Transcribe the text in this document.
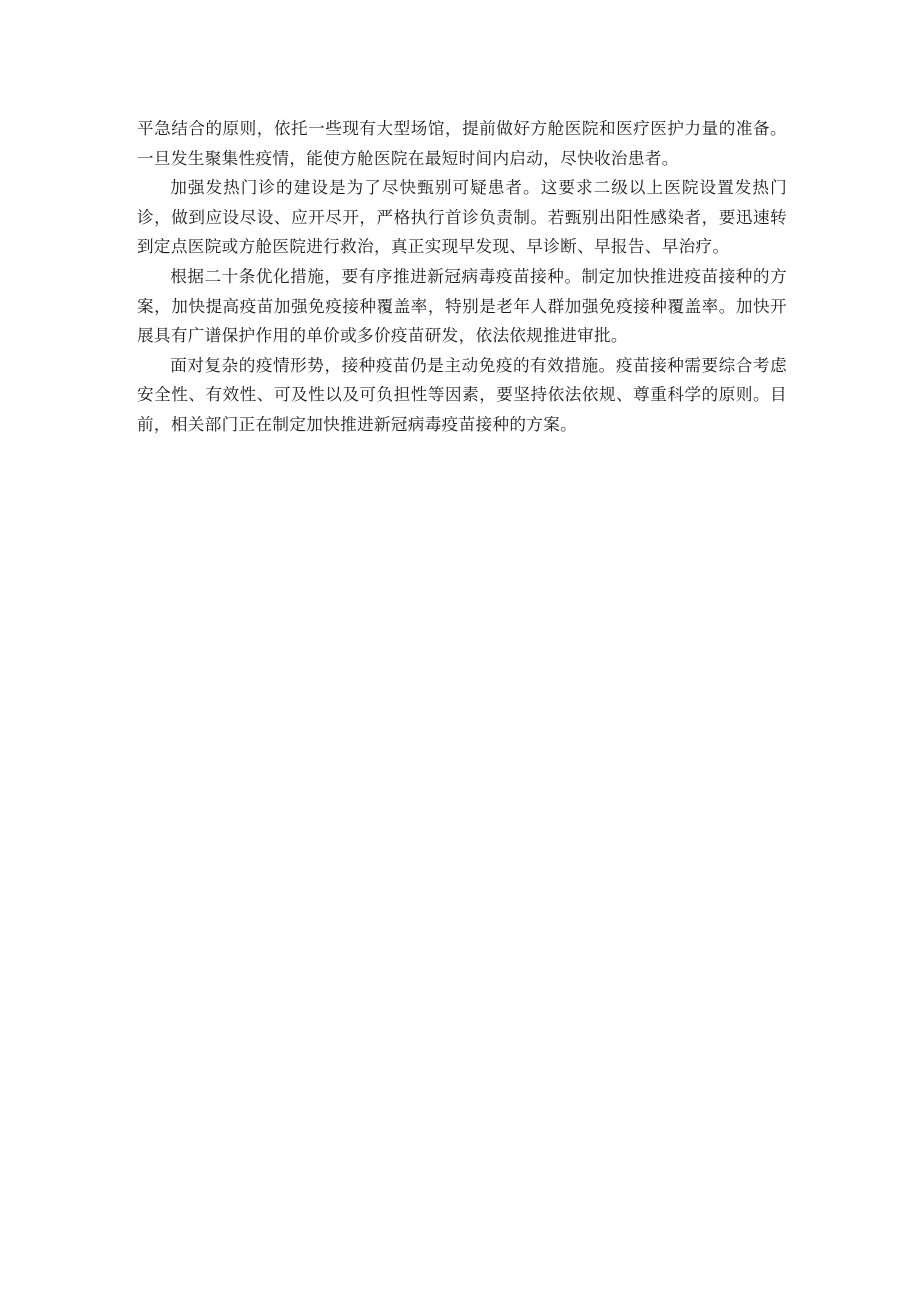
平急结合的原则，依托一些现有大型场馆，提前做好方舱医院和医疗医护力量的准备。一旦发生聚集性疫情，能使方舱医院在最短时间内启动，尽快收治患者。

加强发热门诊的建设是为了尽快甄别可疑患者。这要求二级以上医院设置发热门诊，做到应设尽设、应开尽开，严格执行首诊负责制。若甄别出阳性感染者，要迅速转到定点医院或方舱医院进行救治，真正实现早发现、早诊断、早报告、早治疗。

根据二十条优化措施，要有序推进新冠病毒疫苗接种。制定加快推进疫苗接种的方案，加快提高疫苗加强免疫接种覆盖率，特别是老年人群加强免疫接种覆盖率。加快开展具有广谱保护作用的单价或多价疫苗研发，依法依规推进审批。

面对复杂的疫情形势，接种疫苗仍是主动免疫的有效措施。疫苗接种需要综合考虑安全性、有效性、可及性以及可负担性等因素，要坚持依法依规、尊重科学的原则。目前，相关部门正在制定加快推进新冠病毒疫苗接种的方案。
